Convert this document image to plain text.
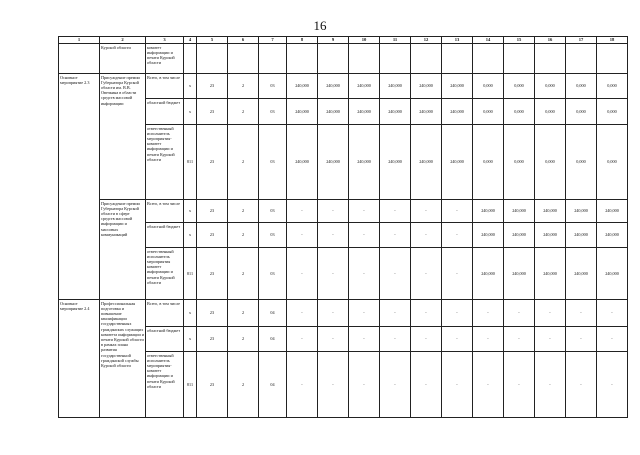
16
1	2	3	4	5	6	7	8	9	10	11	12	13	14	15	16	17	18
	Курской области	комитет информации и печати Курской области															
Основное мероприятие 2.3	Присуждение премии Губернатора Курской области им. В.В. Овечкина в области средств массовой информации	Всего, в том числе	х	23	2	03	240,000	240,000	240,000	240,000	240,000	240,000	0,000	0,000	0,000	0,000	0,000
		областной бюджет	х	23	2	03	240,000	240,000	240,000	240,000	240,000	240,000	0,000	0,000	0,000	0,000	0,000
		ответственный исполнитель мероприятия- комитет информации и печати Курской области	811	23	2	03	240,000	240,000	240,000	240,000	240,000	240,000	0,000	0,000	0,000	0,000	0,000
	Присуждение премии Губернатора Курской области в сфере средств массовой информации и массовых коммуникаций	Всего, в том числе	х	23	2	03	-	-	-	-	-	-	240,000	240,000	240,000	240,000	240,000
		областной бюджет	х	23	2	03	-	-	-	-	-	-	240,000	240,000	240,000	240,000	240,000
		ответственный исполнитель мероприятия комитет информации и печати Курской области	811	23	2	03	-	-	-	-	-	-	240,000	240,000	240,000	240,000	240,000
Основное мероприятие 2.4	Профессиональная подготовка и повышение квалификации государственных гражданских служащих комитета информации и печати Курской области в рамках плана развития государственной гражданской службы Курской области	Всего, в том числе	х	23	2	04	-	-	-	-	-	-	-	-	-	-	-
		областной бюджет	х	23	2	04	-	-	-	-	-	-	-	-	-	-	-
		ответственный исполнитель мероприятия- комитет информации и печати Курской области	811	23	2	04	-	-	-	-	-	-	-	-	-	-	-
